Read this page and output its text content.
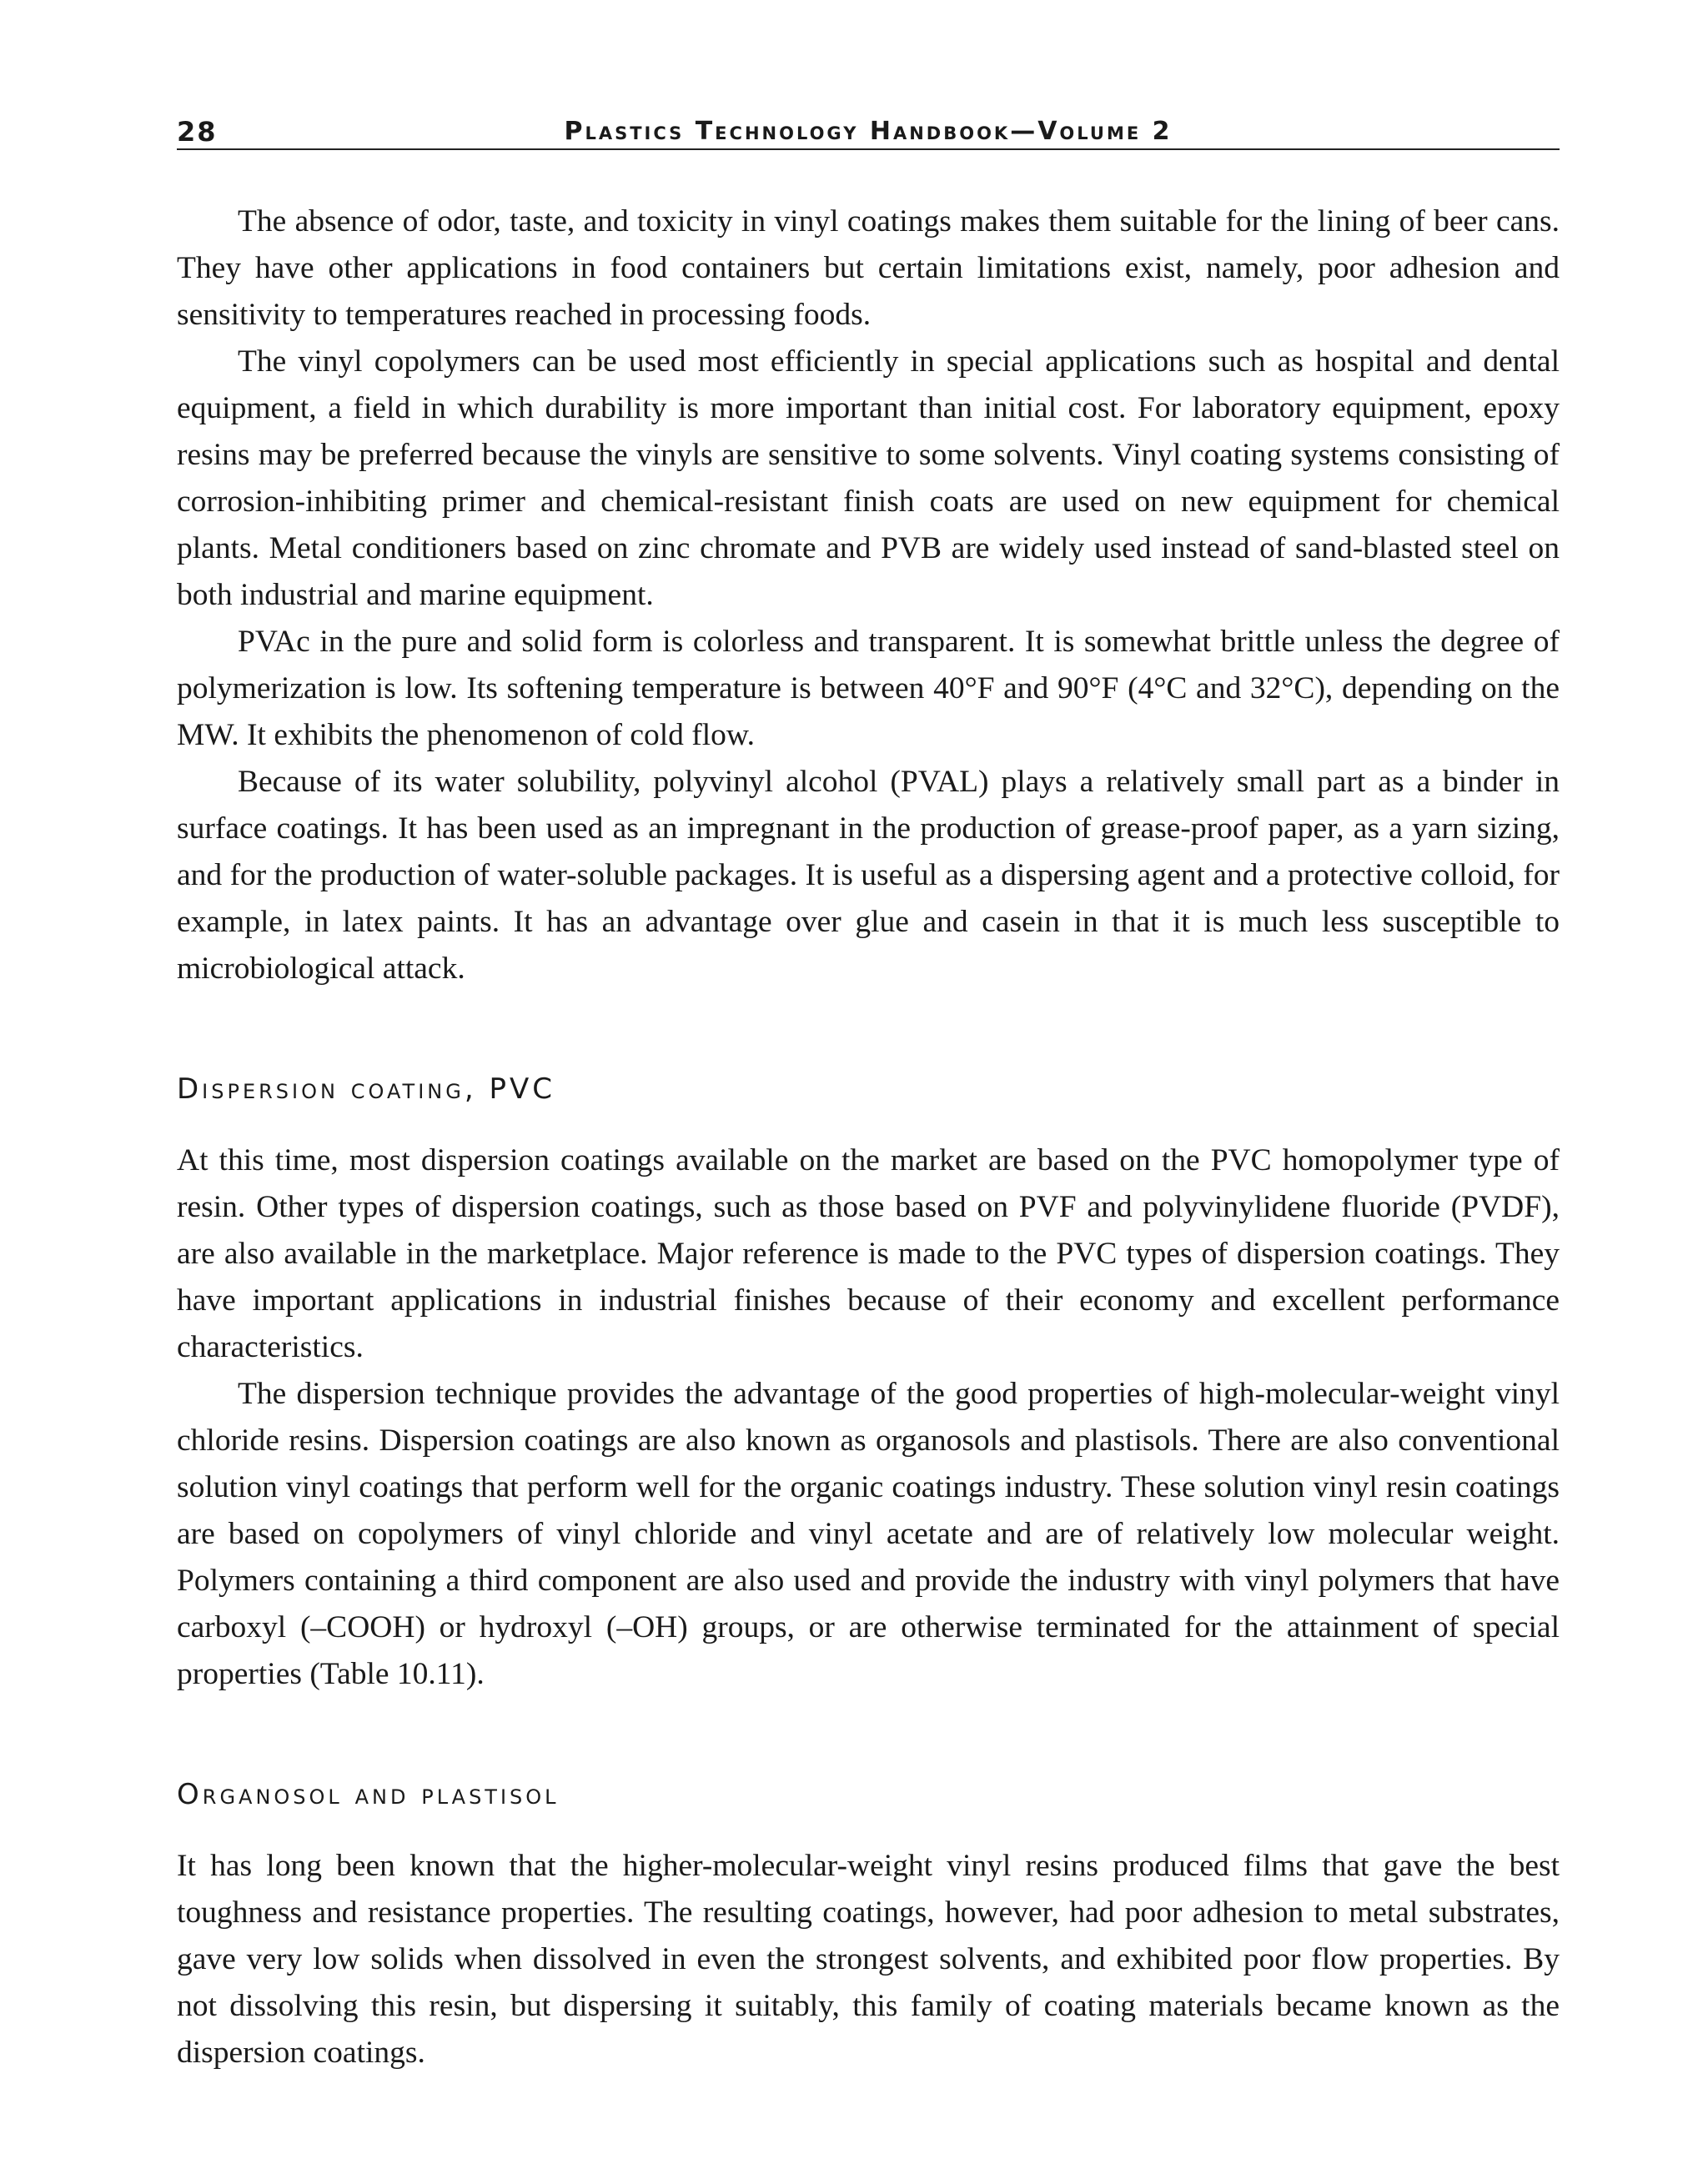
28	Plastics Technology Handbook—Volume 2

The absence of odor, taste, and toxicity in vinyl coatings makes them suitable for the lining of beer cans. They have other applications in food containers but certain limitations exist, namely, poor adhesion and sensitivity to temperatures reached in processing foods.

The vinyl copolymers can be used most efficiently in special applications such as hospital and dental equipment, a field in which durability is more important than initial cost. For laboratory equipment, epoxy resins may be preferred because the vinyls are sensitive to some solvents. Vinyl coating systems consisting of corrosion-inhibiting primer and chemical-resistant finish coats are used on new equipment for chemical plants. Metal conditioners based on zinc chromate and PVB are widely used instead of sand-blasted steel on both industrial and marine equipment.

PVAc in the pure and solid form is colorless and transparent. It is somewhat brittle unless the degree of polymerization is low. Its softening temperature is between 40°F and 90°F (4°C and 32°C), depending on the MW. It exhibits the phenomenon of cold flow.

Because of its water solubility, polyvinyl alcohol (PVAL) plays a relatively small part as a binder in surface coatings. It has been used as an impregnant in the production of grease-proof paper, as a yarn sizing, and for the production of water-soluble packages. It is useful as a dispersing agent and a protective colloid, for example, in latex paints. It has an advantage over glue and casein in that it is much less susceptible to microbiological attack.

Dispersion coating, PVC

At this time, most dispersion coatings available on the market are based on the PVC homopolymer type of resin. Other types of dispersion coatings, such as those based on PVF and polyvinylidene fluoride (PVDF), are also available in the marketplace. Major reference is made to the PVC types of dispersion coatings. They have important applications in industrial finishes because of their economy and excellent performance characteristics.

The dispersion technique provides the advantage of the good properties of high-molecular-weight vinyl chloride resins. Dispersion coatings are also known as organosols and plastisols. There are also conventional solution vinyl coatings that perform well for the organic coatings industry. These solution vinyl resin coatings are based on copolymers of vinyl chloride and vinyl acetate and are of relatively low molecular weight. Polymers containing a third component are also used and provide the industry with vinyl polymers that have carboxyl (–COOH) or hydroxyl (–OH) groups, or are otherwise terminated for the attainment of special properties (Table 10.11).

Organosol and plastisol

It has long been known that the higher-molecular-weight vinyl resins produced films that gave the best toughness and resistance properties. The resulting coatings, however, had poor adhesion to metal substrates, gave very low solids when dissolved in even the strongest solvents, and exhibited poor flow properties. By not dissolving this resin, but dispersing it suitably, this family of coating materials became known as the dispersion coatings.
